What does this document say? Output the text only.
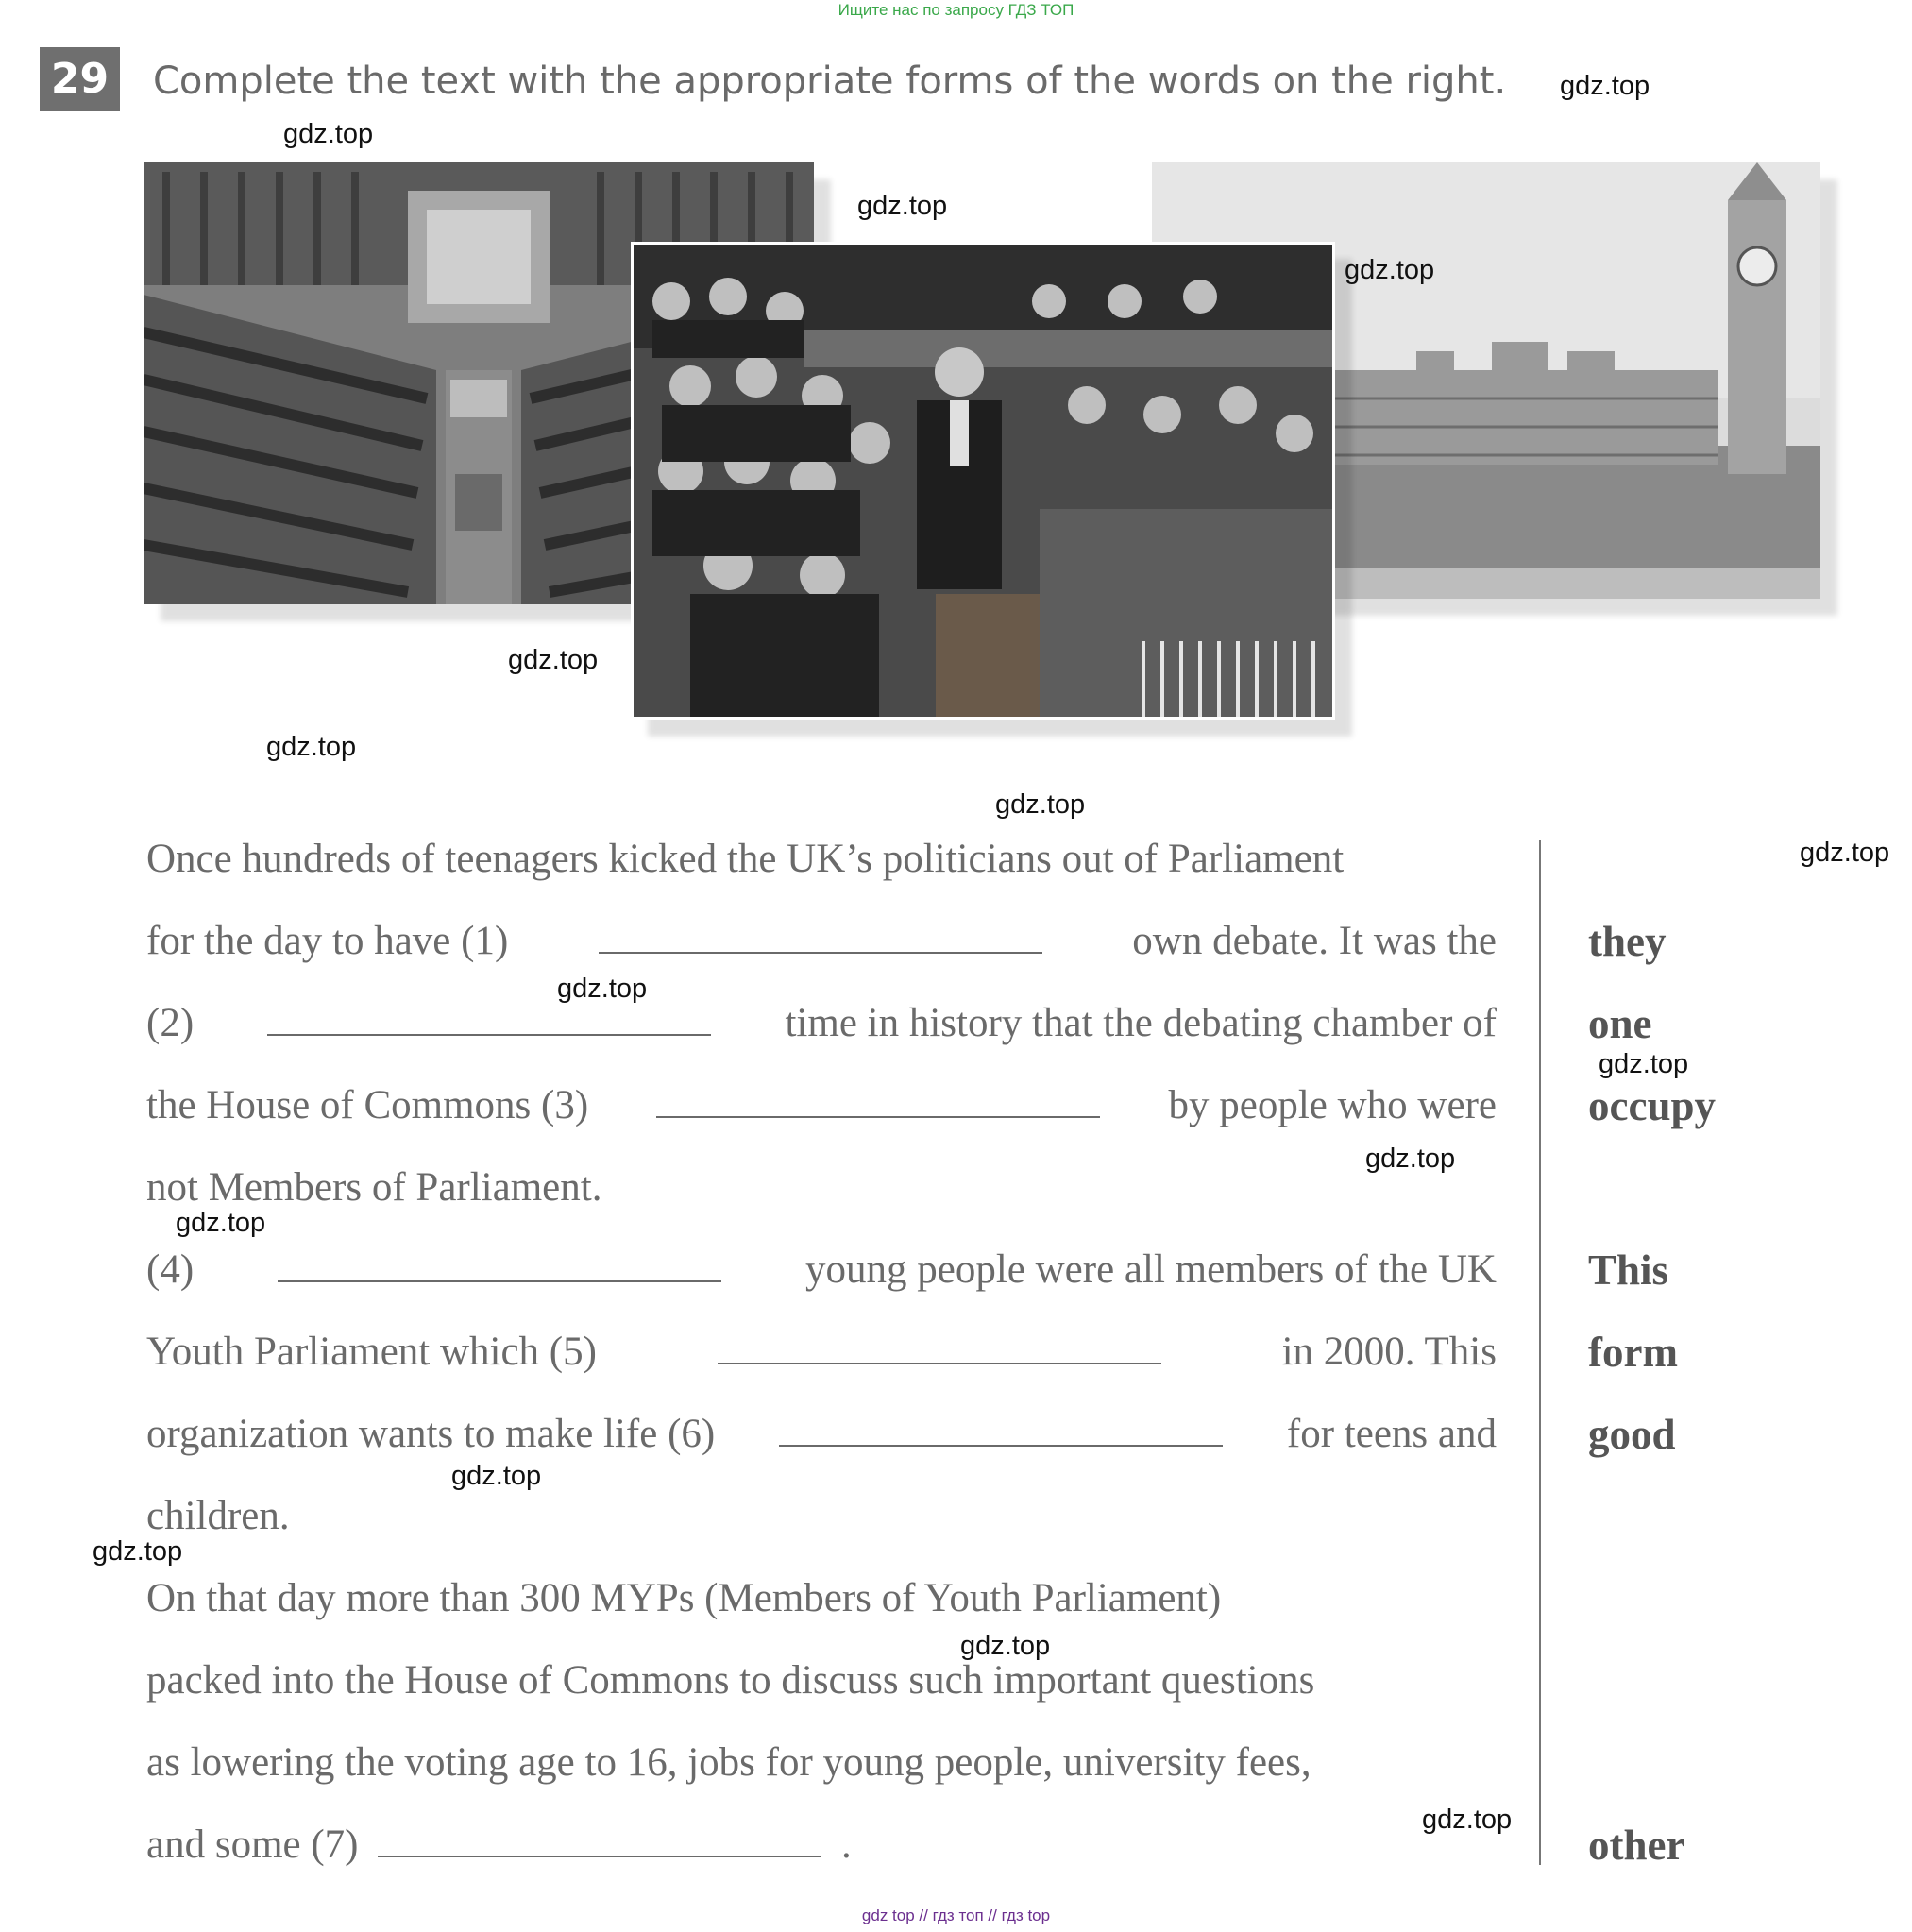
Ищите нас по запросу ГДЗ ТОП
29 Complete the text with the appropriate forms of the words on the right. gdz.top
gdz.top
gdz.top
gdz.top
gdz.top
gdz.top
gdz.top
gdz.top
gdz.top
gdz.top
gdz.top
gdz.top
gdz.top
gdz.top
gdz.top
gdz.top
Once hundreds of teenagers kicked the UK’s politicians out of Parliament
for the day to have (1)	own debate. It was the
(2)	time in history that the debating chamber of
the House of Commons (3)	by people who were
not Members of Parliament.
(4)	young people were all members of the UK
Youth Parliament which (5)	in 2000. This
organization wants to make life (6)	for teens and
children.
On that day more than 300 MYPs (Members of Youth Parliament)
packed into the House of Commons to discuss such important questions
as lowering the voting age to 16, jobs for young people, university fees,
and some (7)	.
they
one
occupy
This
form
good
other
gdz top // гдз топ // гдз top
